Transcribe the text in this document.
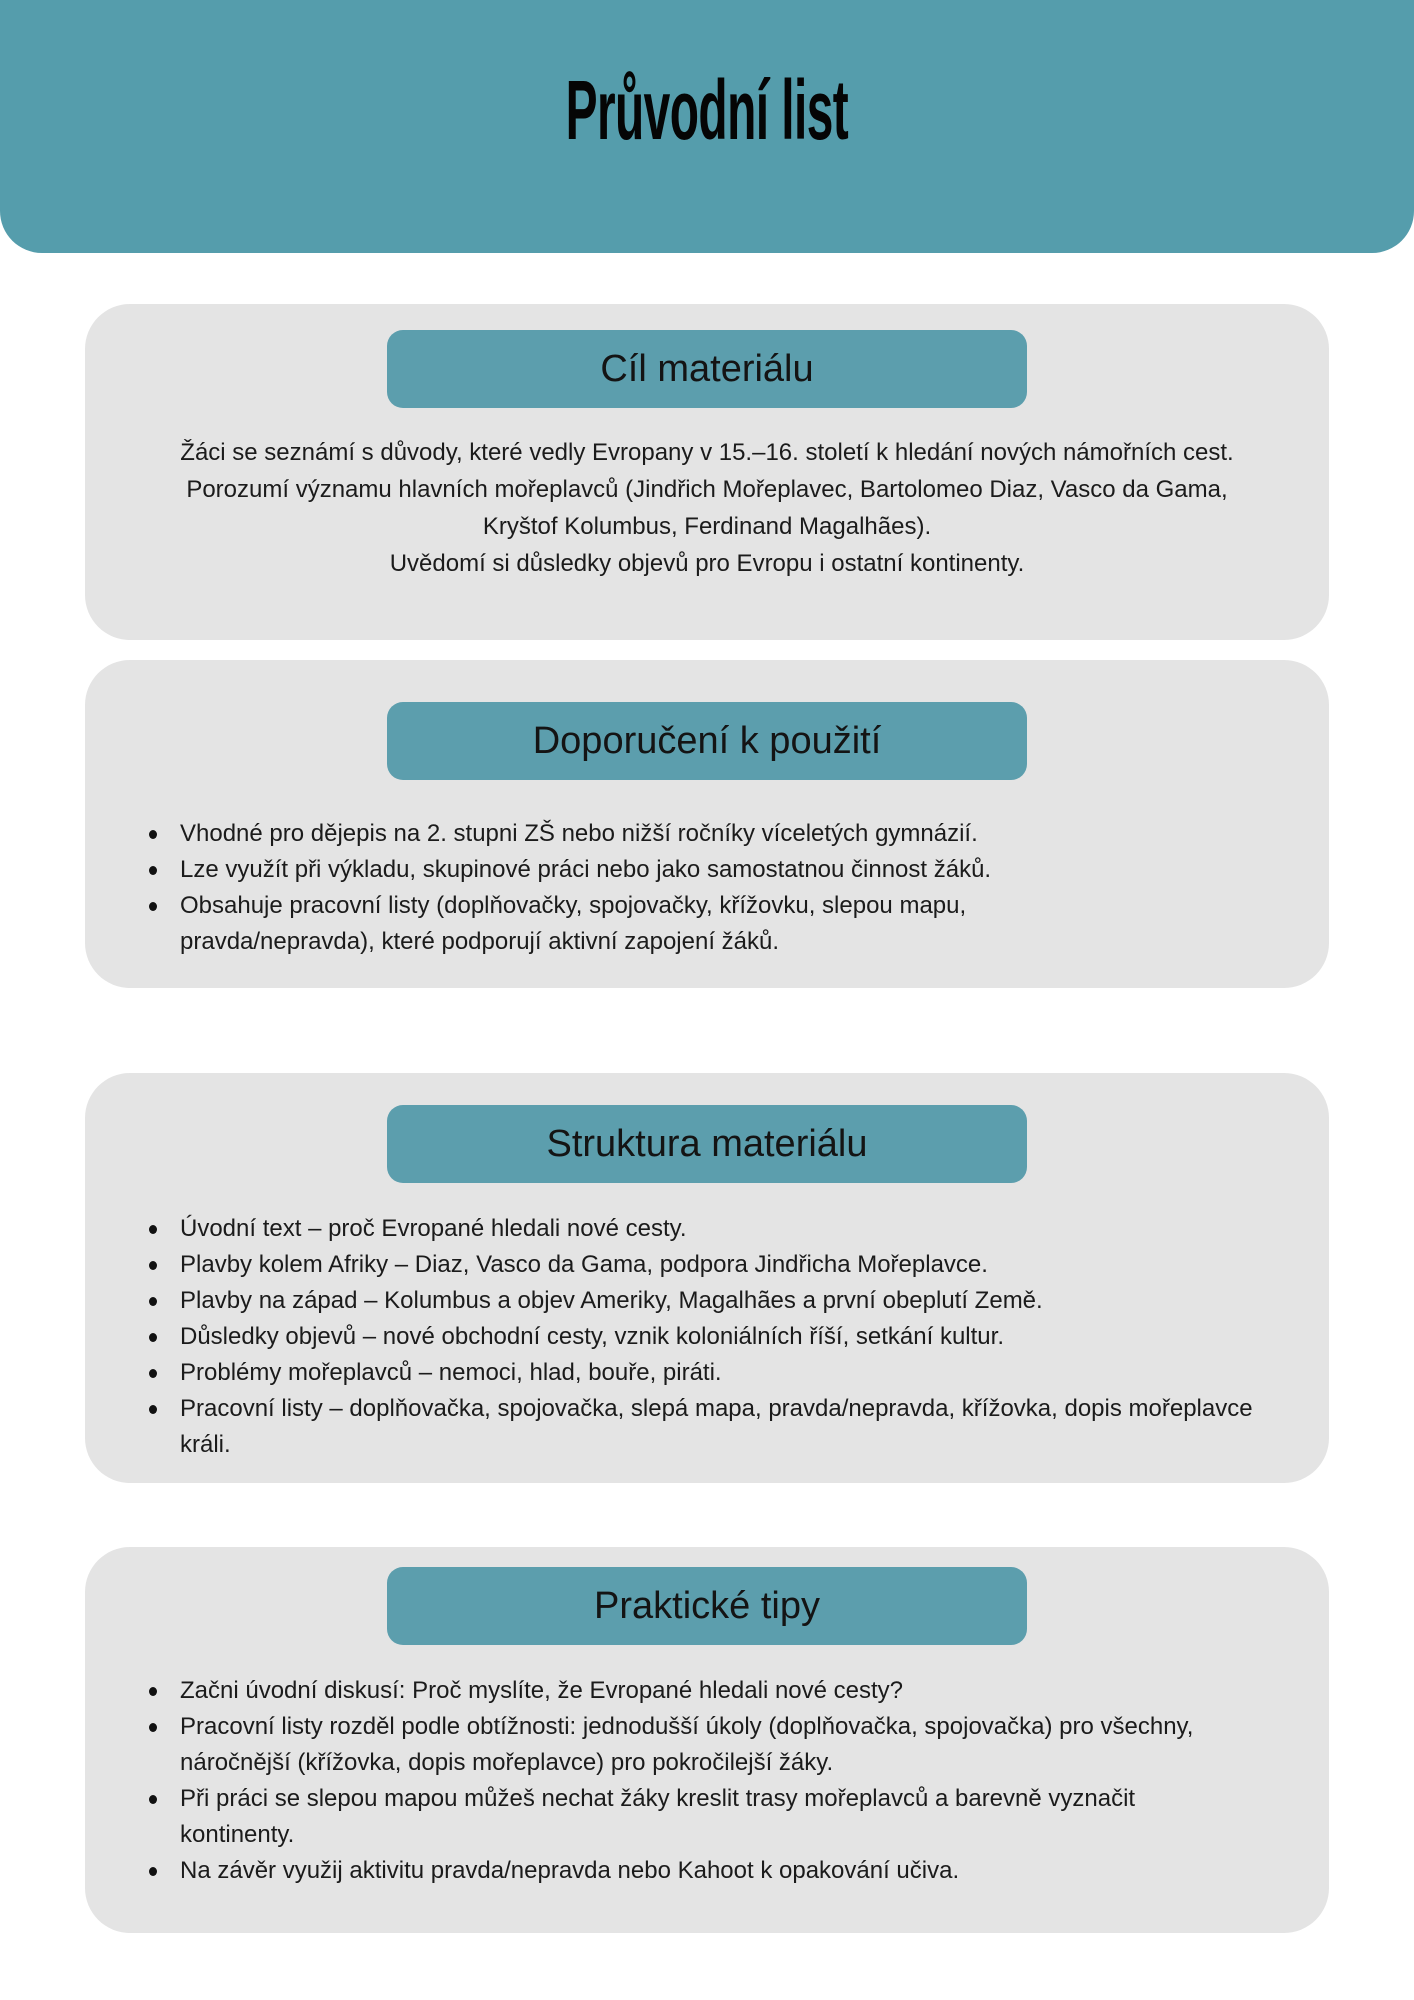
Průvodní list
Cíl materiálu

Žáci se seznámí s důvody, které vedly Evropany v 15.–16. století k hledání nových námořních cest.

Porozumí významu hlavních mořeplavců (Jindřich Mořeplavec, Bartolomeo Diaz, Vasco da Gama, Kryštof Kolumbus, Ferdinand Magalhães).

Uvědomí si důsledky objevů pro Evropu i ostatní kontinenty.

Doporučení k použití
Vhodné pro dějepis na 2. stupni ZŠ nebo nižší ročníky víceletých gymnázií.
Lze využít při výkladu, skupinové práci nebo jako samostatnou činnost žáků.
Obsahuje pracovní listy (doplňovačky, spojovačky, křížovku, slepou mapu, pravda/nepravda), které podporují aktivní zapojení žáků.
Struktura materiálu
Úvodní text – proč Evropané hledali nové cesty.
Plavby kolem Afriky – Diaz, Vasco da Gama, podpora Jindřicha Mořeplavce.
Plavby na západ – Kolumbus a objev Ameriky, Magalhães a první obeplutí Země.
Důsledky objevů – nové obchodní cesty, vznik koloniálních říší, setkání kultur.
Problémy mořeplavců – nemoci, hlad, bouře, piráti.
Pracovní listy – doplňovačka, spojovačka, slepá mapa, pravda/nepravda, křížovka, dopis mořeplavce králi.
Praktické tipy
Začni úvodní diskusí: Proč myslíte, že Evropané hledali nové cesty?
Pracovní listy rozděl podle obtížnosti: jednodušší úkoly (doplňovačka, spojovačka) pro všechny, náročnější (křížovka, dopis mořeplavce) pro pokročilejší žáky.
Při práci se slepou mapou můžeš nechat žáky kreslit trasy mořeplavců a barevně vyznačit kontinenty.
Na závěr využij aktivitu pravda/nepravda nebo Kahoot k opakování učiva.
